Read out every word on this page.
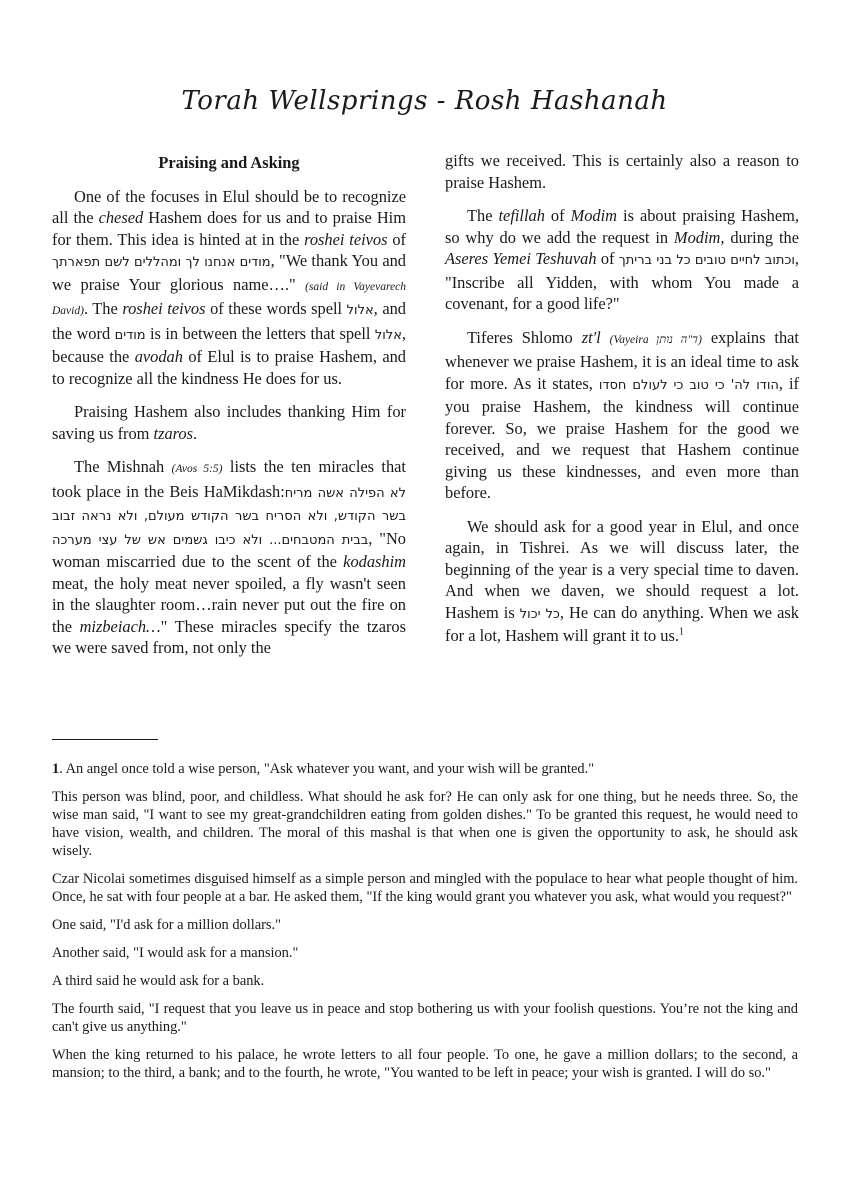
Torah Wellsprings - Rosh Hashanah
Praising and Asking

One of the focuses in Elul should be to recognize all the chesed Hashem does for us and to praise Him for them. This idea is hinted at in the roshei teivos of מודים אנחנו לך ומהללים לשם תפארתך, "We thank You and we praise Your glorious name…." (said in Vayevarech David). The roshei teivos of these words spell אלול, and the word מודים is in between the letters that spell אלול, because the avodah of Elul is to praise Hashem, and to recognize all the kindness He does for us.

Praising Hashem also includes thanking Him for saving us from tzaros.

The Mishnah (Avos 5:5) lists the ten miracles that took place in the Beis HaMikdash:לא הפילה אשה מריח בשר הקודש, ולא הסריח בשר הקודש מעולם, ולא נראה זבוב בבית המטבחים... ולא כיבו גשמים אש של עצי מערכה, "No woman miscarried due to the scent of the kodashim meat, the holy meat never spoiled, a fly wasn't seen in the slaughter room…rain never put out the fire on the mizbeiach…" These miracles specify the tzaros we were saved from, not only the

gifts we received. This is certainly also a reason to praise Hashem.

The tefillah of Modim is about praising Hashem, so why do we add the request in Modim, during the Aseres Yemei Teshuvah of וכתוב לחיים טובים כל בני בריתך, "Inscribe all Yidden, with whom You made a covenant, for a good life?"

Tiferes Shlomo zt'l (Vayeira ד"ה נותן) explains that whenever we praise Hashem, it is an ideal time to ask for more. As it states, הודו לה' כי טוב כי לעולם חסדו, if you praise Hashem, the kindness will continue forever. So, we praise Hashem for the good we received, and we request that Hashem continue giving us these kindnesses, and even more than before.

We should ask for a good year in Elul, and once again, in Tishrei. As we will discuss later, the beginning of the year is a very special time to daven. And when we daven, we should request a lot. Hashem is כל יכול, He can do anything. When we ask for a lot, Hashem will grant it to us.$^1$

1. An angel once told a wise person, "Ask whatever you want, and your wish will be granted."

This person was blind, poor, and childless. What should he ask for? He can only ask for one thing, but he needs three. So, the wise man said, "I want to see my great-grandchildren eating from golden dishes." To be granted this request, he would need to have vision, wealth, and children. The moral of this mashal is that when one is given the opportunity to ask, he should ask wisely.

Czar Nicolai sometimes disguised himself as a simple person and mingled with the populace to hear what people thought of him. Once, he sat with four people at a bar. He asked them, "If the king would grant you whatever you ask, what would you request?"

One said, "I'd ask for a million dollars."

Another said, "I would ask for a mansion."

A third said he would ask for a bank.

The fourth said, "I request that you leave us in peace and stop bothering us with your foolish questions. You’re not the king and can't give us anything."

When the king returned to his palace, he wrote letters to all four people. To one, he gave a million dollars; to the second, a mansion; to the third, a bank; and to the fourth, he wrote, "You wanted to be left in peace; your wish is granted. I will do so."
